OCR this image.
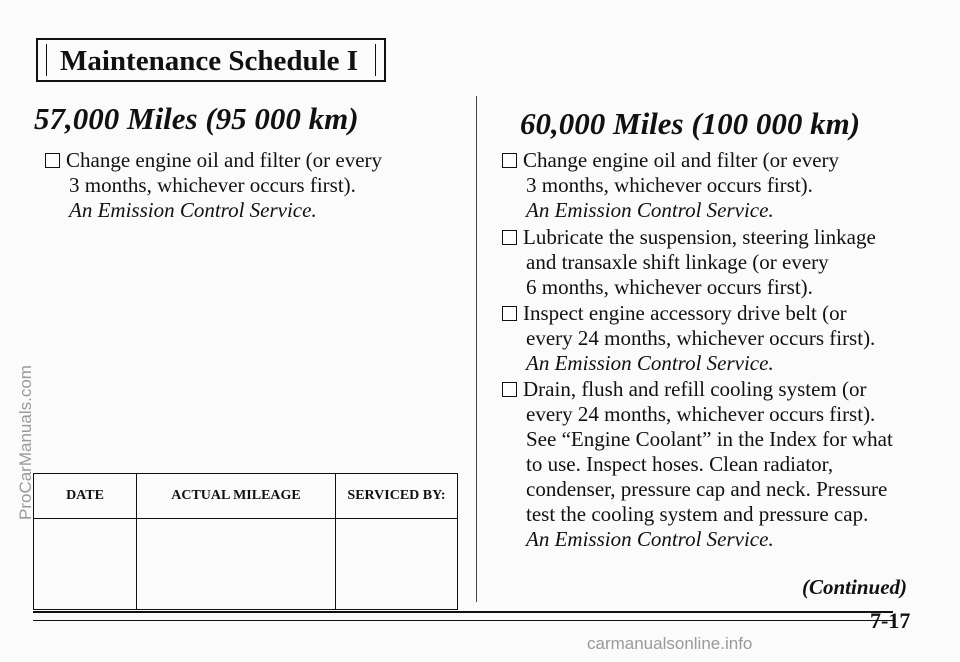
ProCarManuals.com
carmanualsonline.info
Maintenance Schedule I
57,000 Miles (95 000 km)	60,000 Miles (100 000 km)
Change engine oil and filter (or every
3 months, whichever occurs first).
An Emission Control Service.
DATE	ACTUAL MILEAGE	SERVICED BY:

Change engine oil and filter (or every
3 months, whichever occurs first).
An Emission Control Service.
Lubricate the suspension, steering linkage
and transaxle shift linkage (or every
6 months, whichever occurs first).
Inspect engine accessory drive belt (or
every 24 months, whichever occurs first).
An Emission Control Service.
Drain, flush and refill cooling system (or
every 24 months, whichever occurs first).
See “Engine Coolant” in the Index for what
to use. Inspect hoses. Clean radiator,
condenser, pressure cap and neck. Pressure
test the cooling system and pressure cap.
An Emission Control Service.
(Continued)
7-17
